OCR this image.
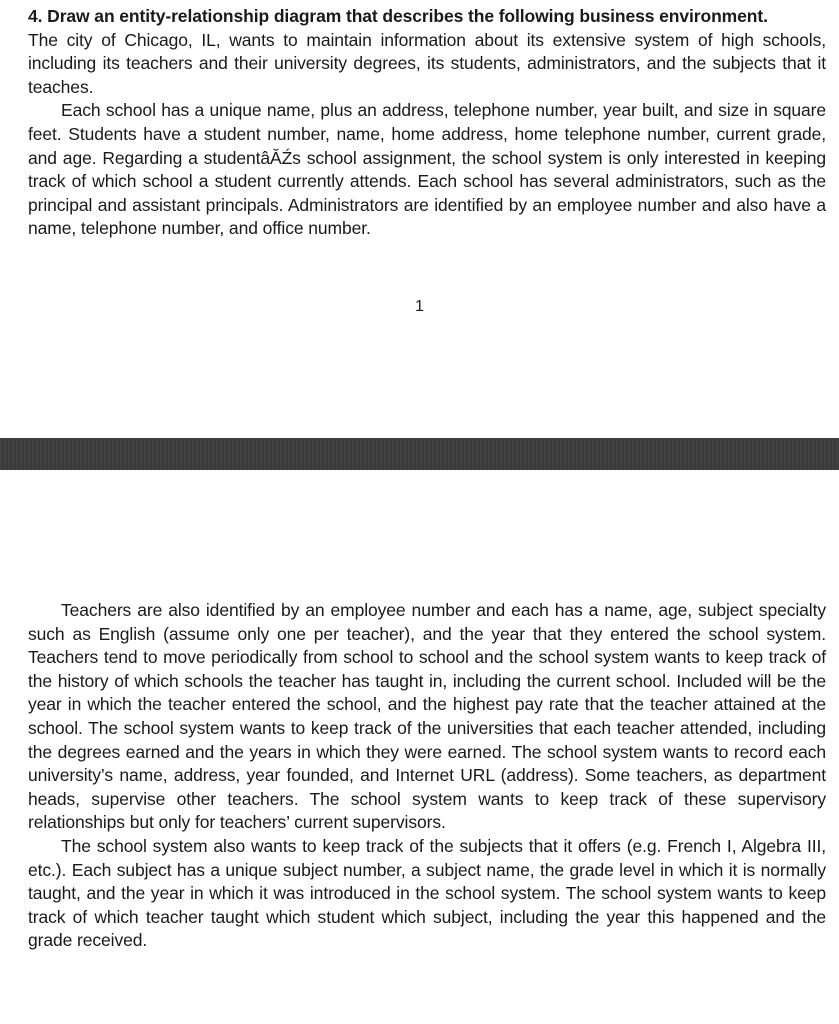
4. Draw an entity-relationship diagram that describes the following business environment.

The city of Chicago, IL, wants to maintain information about its extensive system of high schools, including its teachers and their university degrees, its students, administrators, and the subjects that it teaches.

Each school has a unique name, plus an address, telephone number, year built, and size in square feet. Students have a student number, name, home address, home telephone number, current grade, and age. Regarding a studentâĂŹs school assignment, the school system is only interested in keeping track of which school a student currently attends. Each school has several administrators, such as the principal and assistant principals. Administrators are identified by an employee number and also have a name, telephone number, and office number.

1

Teachers are also identified by an employee number and each has a name, age, subject specialty such as English (assume only one per teacher), and the year that they entered the school system. Teachers tend to move periodically from school to school and the school system wants to keep track of the history of which schools the teacher has taught in, including the current school. Included will be the year in which the teacher entered the school, and the highest pay rate that the teacher attained at the school. The school system wants to keep track of the universities that each teacher attended, including the degrees earned and the years in which they were earned. The school system wants to record each university’s name, address, year founded, and Internet URL (address). Some teachers, as department heads, supervise other teachers. The school system wants to keep track of these supervisory relationships but only for teachers’ current supervisors.

The school system also wants to keep track of the subjects that it offers (e.g. French I, Algebra III, etc.). Each subject has a unique subject number, a subject name, the grade level in which it is normally taught, and the year in which it was introduced in the school system. The school system wants to keep track of which teacher taught which student which subject, including the year this happened and the grade received.
